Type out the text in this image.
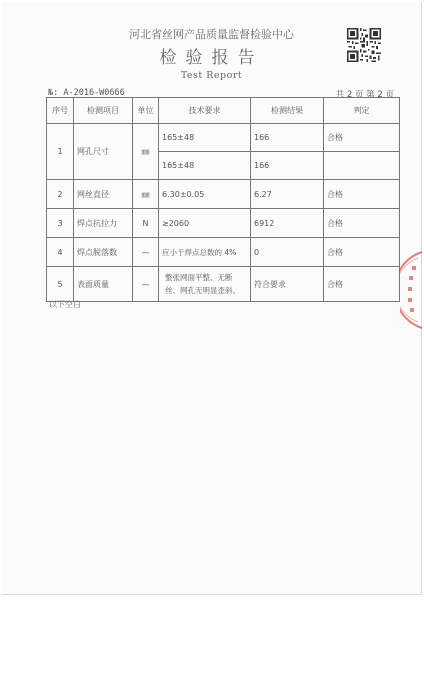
河北省丝网产品质量监督检验中心
检验报告
Test Report
№: A-2016-W0666	共 2 页 第 2 页
序号	检测项目	单位	技术要求	检测结果	判定
1	网孔尺寸	㎜	165±48	166	合格
			165±48	166	
2	网丝直径	㎜	6.30±0.05	6.27	合格
3	焊点抗拉力	N	≥2060	6912	合格
4	焊点脱落数	—	应小于焊点总数的 4%	0	合格
5	表面质量	—	整张网面平整、无断
丝、网孔无明显歪斜。	符合要求	合格
以下空白
